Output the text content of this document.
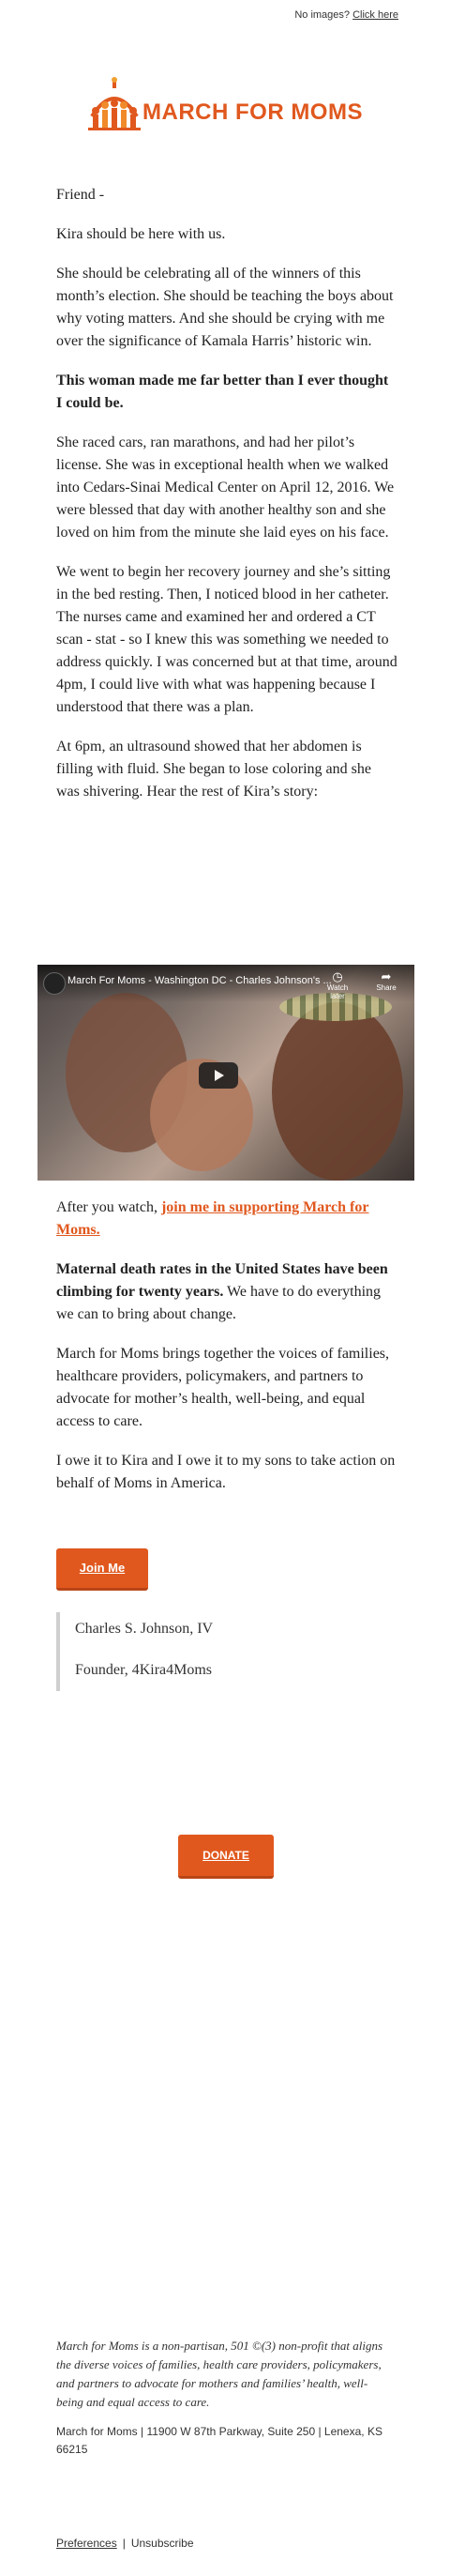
No images? Click here
MARCH FOR MOMS

Friend -

Kira should be here with us.

She should be celebrating all of the winners of this month’s election. She should be teaching the boys about why voting matters. And she should be crying with me over the significance of Kamala Harris’ historic win.

This woman made me far better than I ever thought I could be.

She raced cars, ran marathons, and had her pilot’s license. She was in exceptional health when we walked into Cedars-Sinai Medical Center on April 12, 2016. We were blessed that day with another healthy son and she loved on him from the minute she laid eyes on his face.

We went to begin her recovery journey and she’s sitting in the bed resting. Then, I noticed blood in her catheter. The nurses came and examined her and ordered a CT scan - stat - so I knew this was something we needed to address quickly. I was concerned but at that time, around 4pm, I could live with what was happening because I understood that there was a plan.

At 6pm, an ultrasound showed that her abdomen is filling with fluid. She began to lose coloring and she was shivering. Hear the rest of Kira’s story:

March For Moms - Washington DC - Charles Johnson's ... ◷
Watch later
➦
Share

After you watch, join me in supporting March for Moms.

Maternal death rates in the United States have been climbing for twenty years. We have to do everything we can to bring about change.

March for Moms brings together the voices of families, healthcare providers, policymakers, and partners to advocate for mother’s health, well-being, and equal access to care.

I owe it to Kira and I owe it to my sons to take action on behalf of Moms in America.

Join Me

Charles S. Johnson, IV

Founder, 4Kira4Moms

DONATE
March for Moms is a non-partisan, 501 ©(3) non-profit that aligns the diverse voices of families, health care providers, policymakers, and partners to advocate for mothers and families’ health, well-being and equal access to care.
March for Moms | 11900 W 87th Parkway, Suite 250 | Lenexa, KS 66215
Preferences | Unsubscribe
